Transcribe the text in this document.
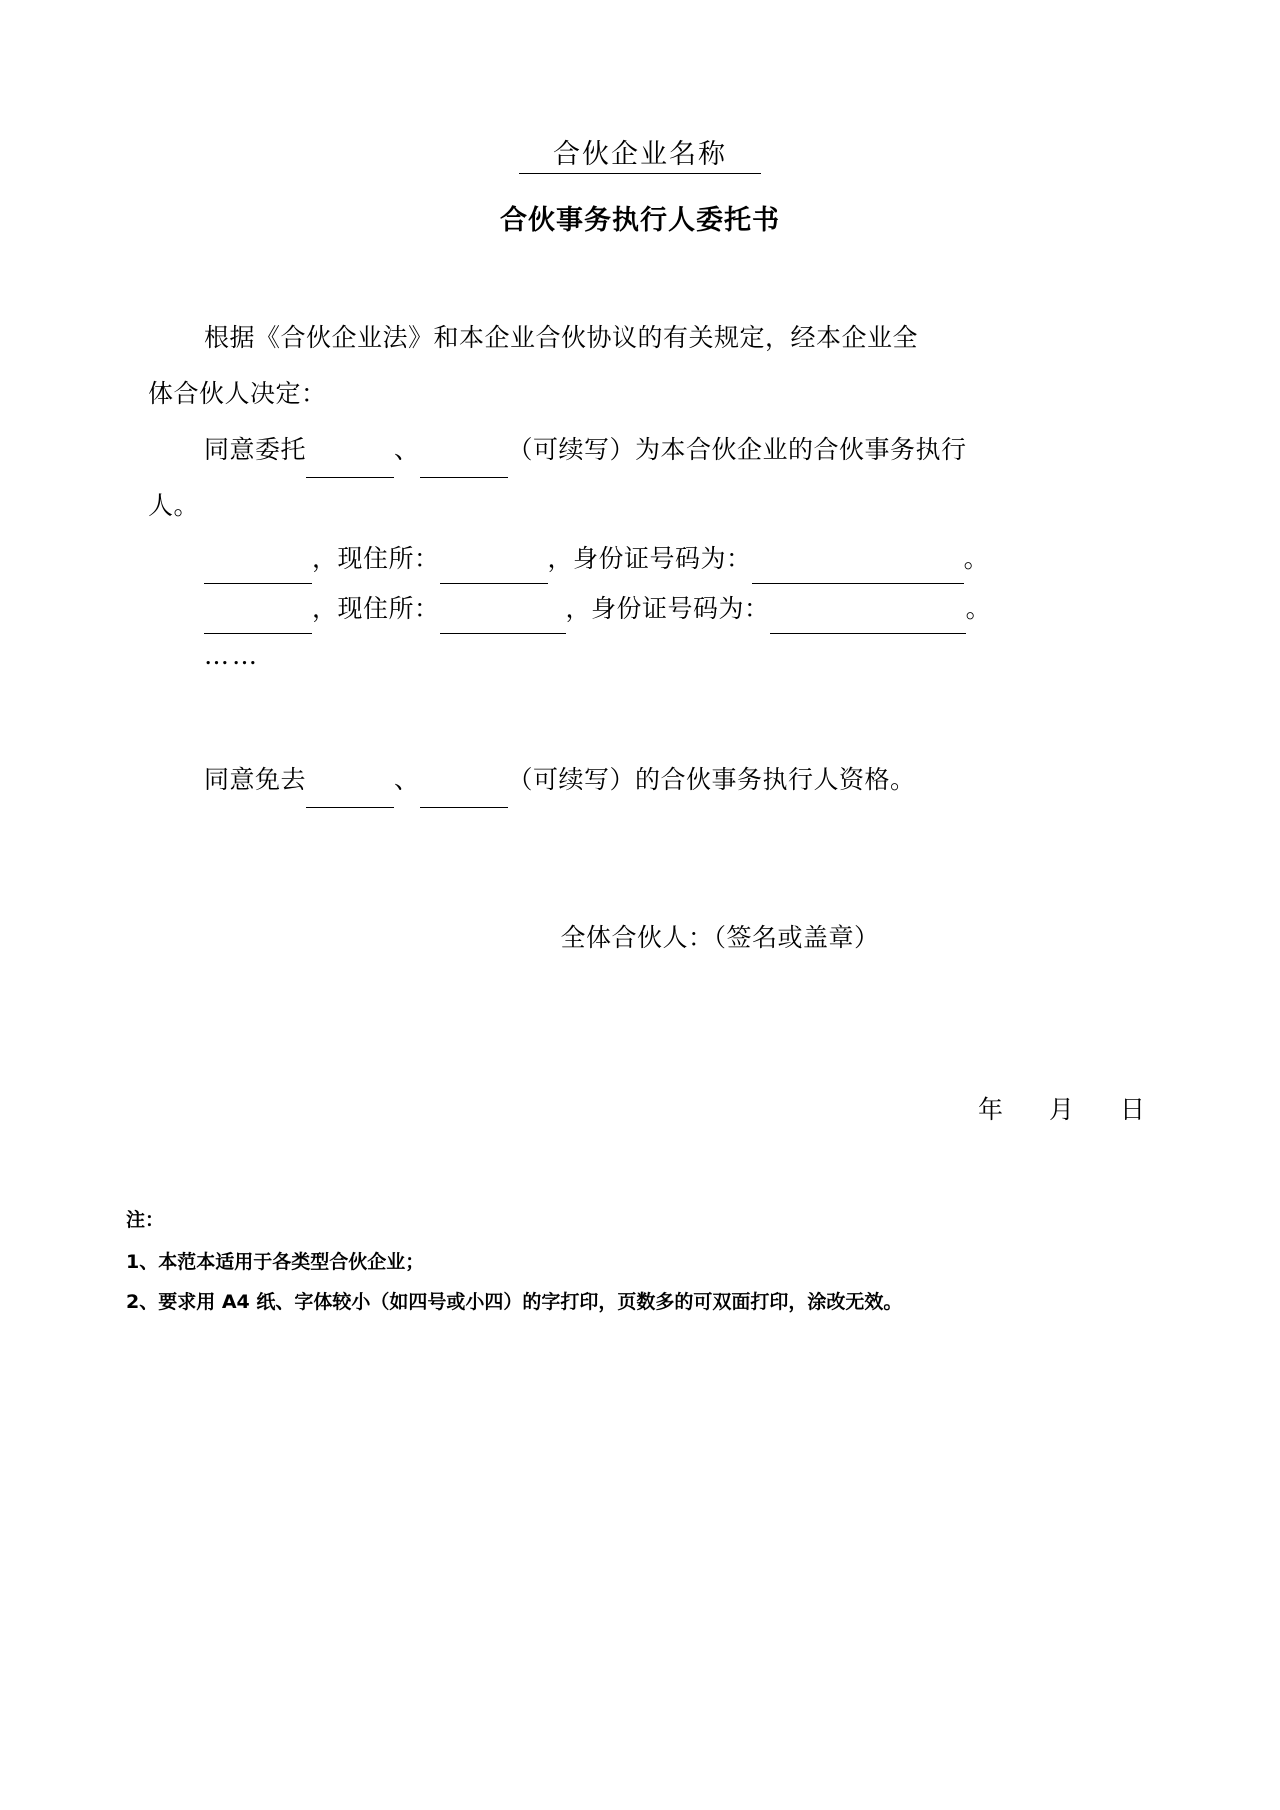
合伙企业名称
合伙事务执行人委托书
根据《合伙企业法》和本企业合伙协议的有关规定，经本企业全
体合伙人决定：
同意委托	、	（可续写）为本合伙企业的合伙事务执行
人。
，现住所：	，身份证号码为：	。
，现住所：	，身份证号码为：	。
……
同意免去	、	（可续写）的合伙事务执行人资格。
全体合伙人：（签名或盖章）
年 月 日
注：
1、本范本适用于各类型合伙企业；
2、要求用 A4 纸、字体较小（如四号或小四）的字打印，页数多的可双面打印，涂改无效。
